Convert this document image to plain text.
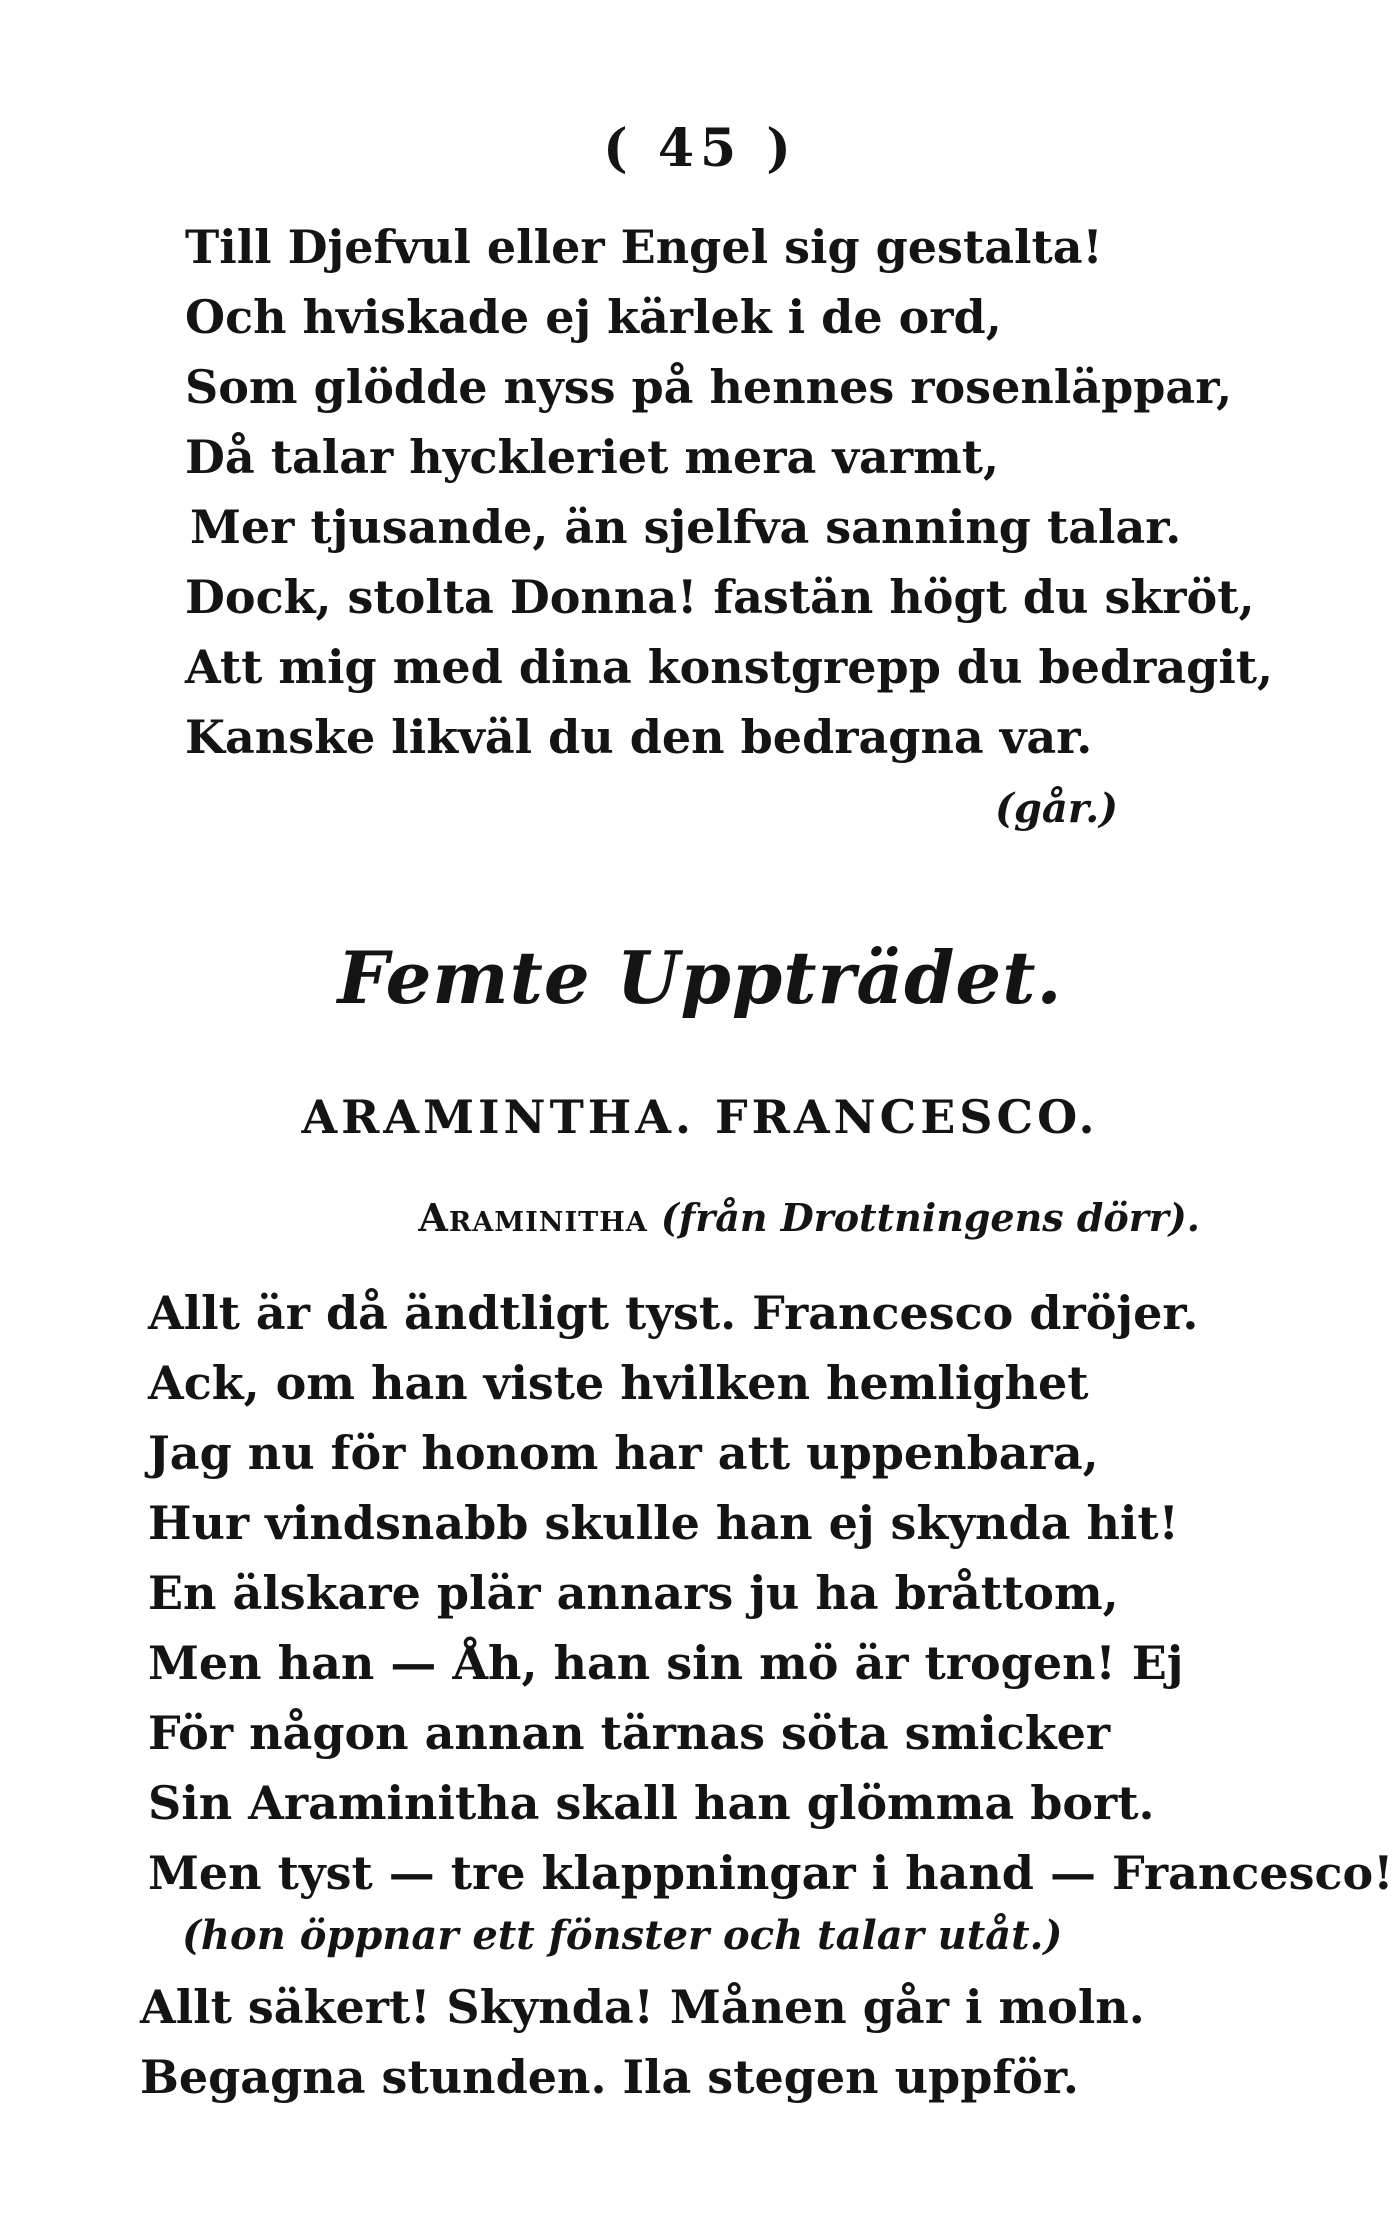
( 45 )
Till Djefvul eller Engel sig gestalta!
Och hviskade ej kärlek i de ord,
Som glödde nyss på hennes rosenläppar,
Då talar hyckleriet mera varmt,
Mer tjusande, än sjelfva sanning talar.
Dock, stolta Donna! fastän högt du skröt,
Att mig med dina konstgrepp du bedragit,
Kanske likväl du den bedragna var.
(går.)
Femte Uppträdet.
ARAMINTHA. FRANCESCO.
Araminitha (från Drottningens dörr).
Allt är då ändtligt tyst. Francesco dröjer.
Ack, om han viste hvilken hemlighet
Jag nu för honom har att uppenbara,
Hur vindsnabb skulle han ej skynda hit!
En älskare plär annars ju ha bråttom,
Men han — Åh, han sin mö är trogen! Ej
För någon annan tärnas söta smicker
Sin Araminitha skall han glömma bort.
Men tyst — tre klappningar i hand — Francesco!
(hon öppnar ett fönster och talar utåt.)
Allt säkert! Skynda! Månen går i moln.
Begagna stunden. Ila stegen uppför.
